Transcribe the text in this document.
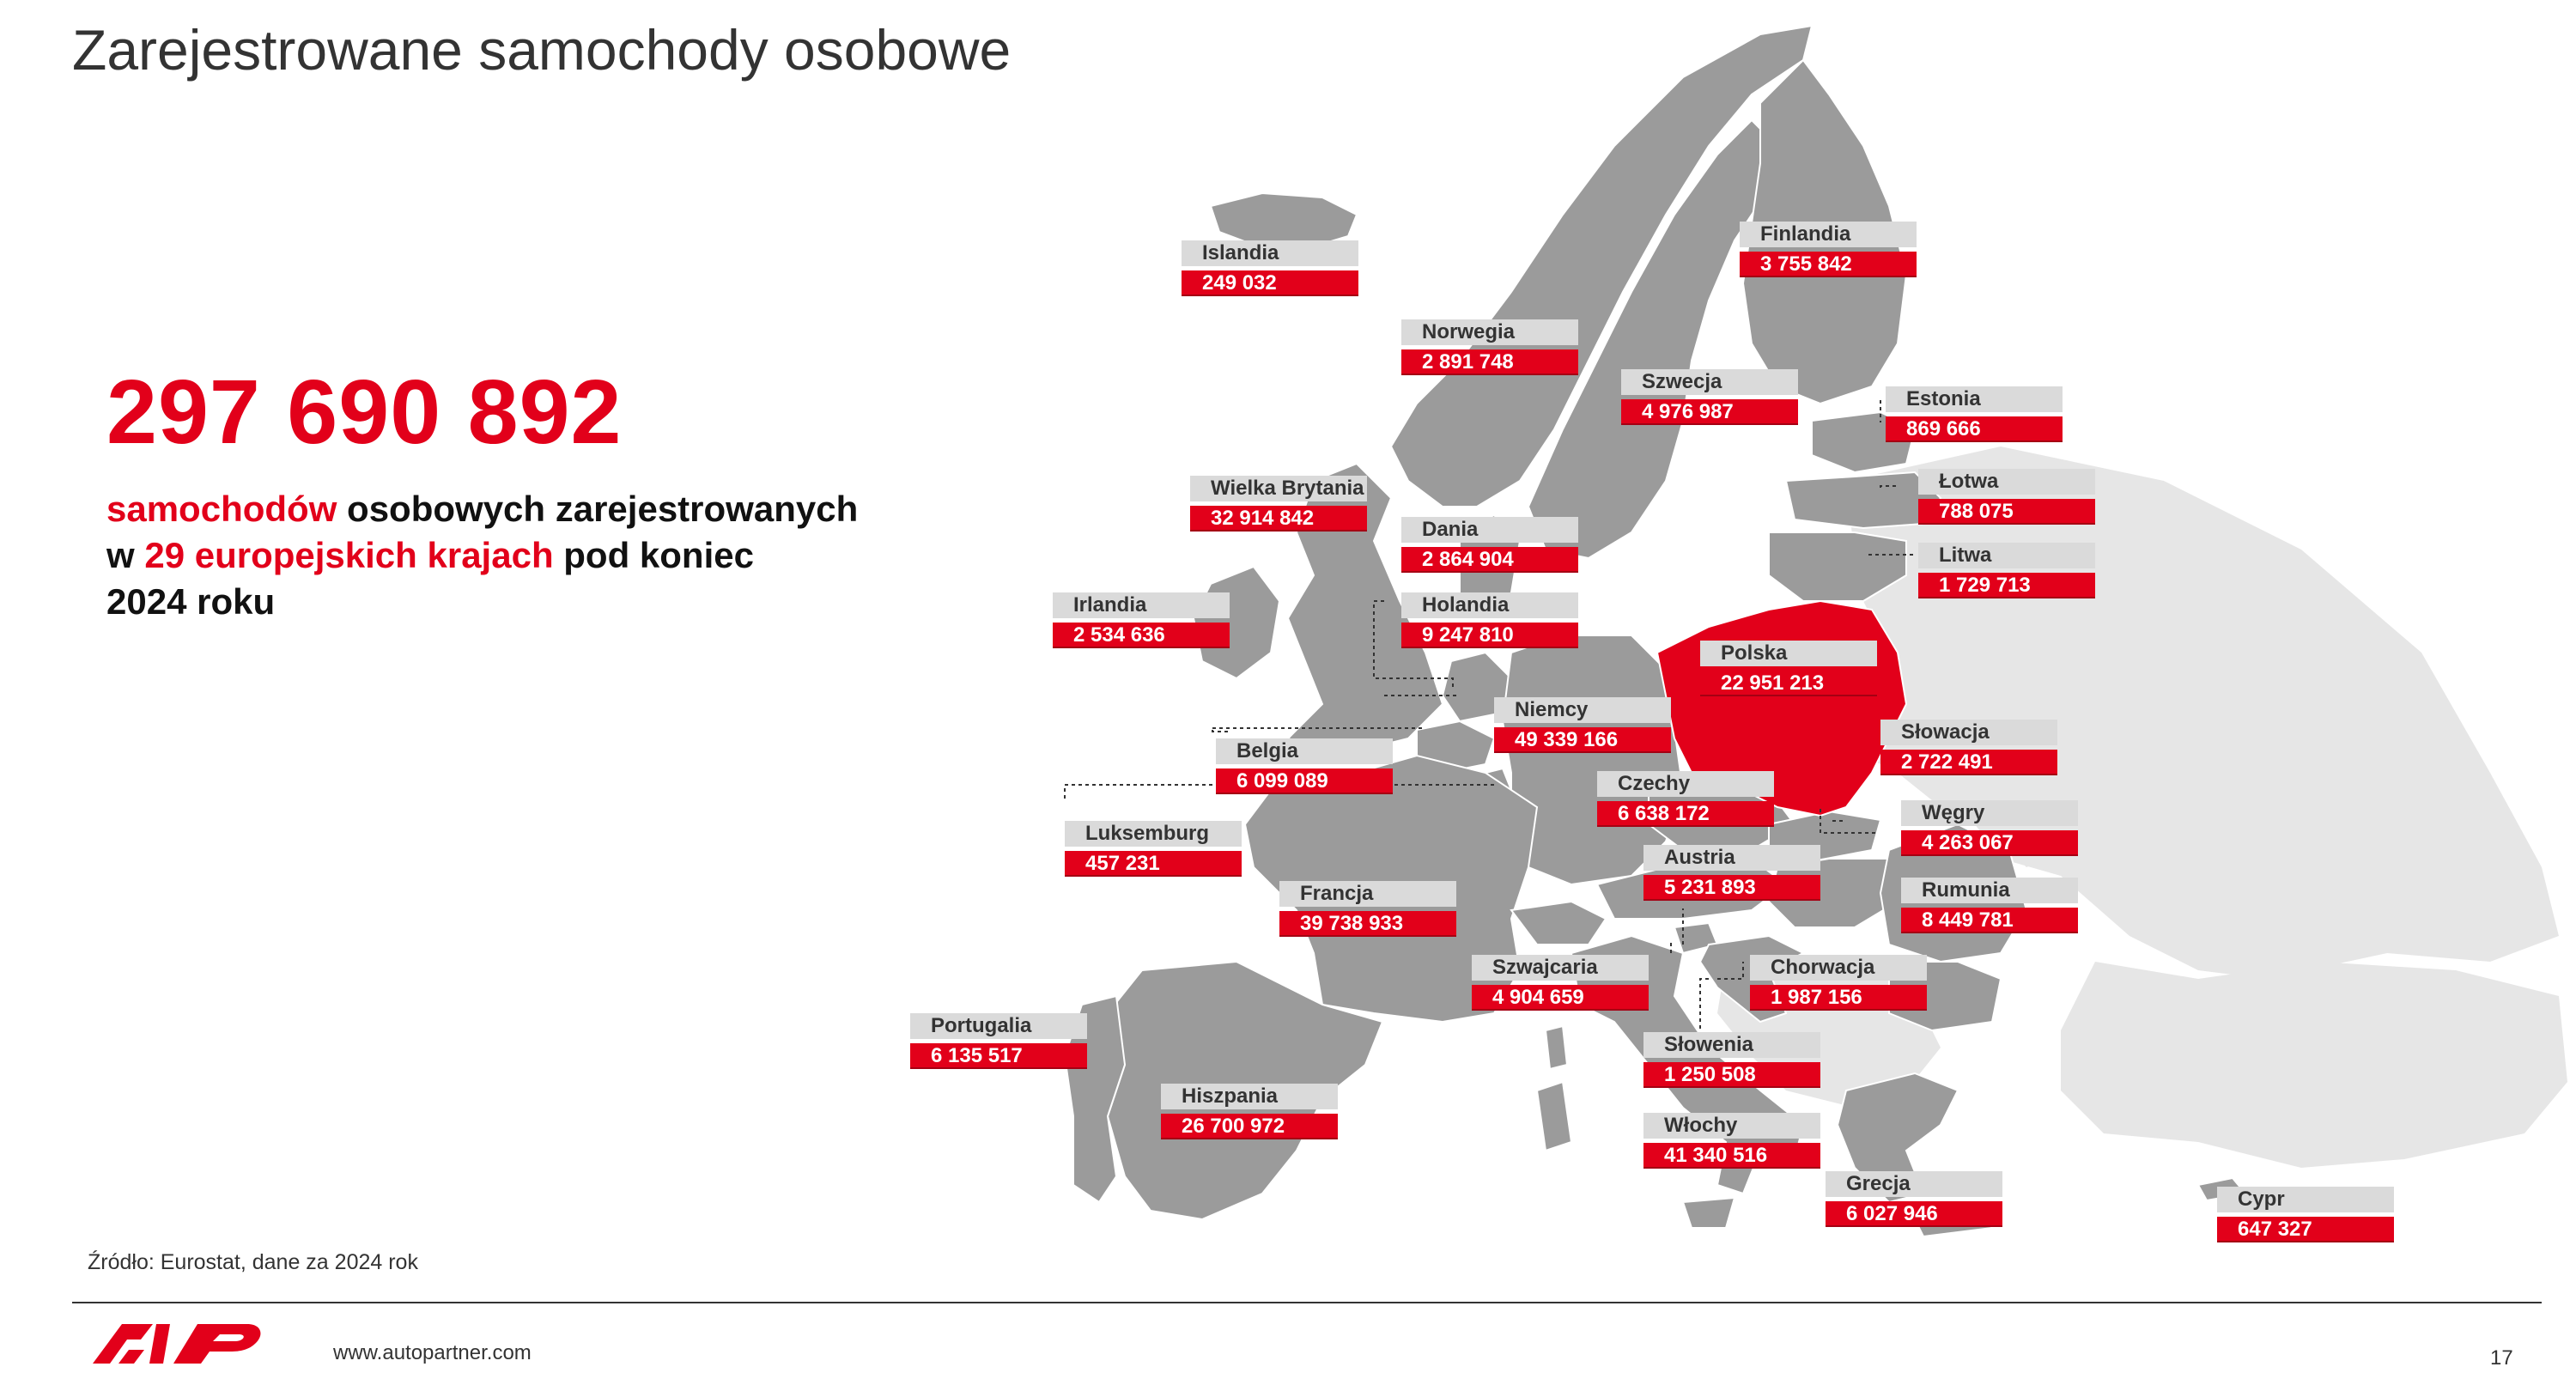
Zarejestrowane samochody osobowe
297 690 892
samochodów osobowych zarejestrowanych
w 29 europejskich krajach pod koniec
2024 roku
Islandia
249 032
Finlandia
3 755 842
Norwegia
2 891 748
Szwecja
4 976 987
Estonia
869 666
Wielka Brytania
32 914 842
Łotwa
788 075
Dania
2 864 904	Litwa
1 729 713
Irlandia
2 534 636
Holandia
9 247 810
Polska
22 951 213
Niemcy
49 339 166	Słowacja
2 722 491
Belgia
6 099 089	Czechy
6 638 172	Węgry
4 263 067
Luksemburg
457 231	Austria
5 231 893	Rumunia
8 449 781
Francja
39 738 933
Szwajcaria
4 904 659
Chorwacja
1 987 156
Portugalia
6 135 517	Słowenia
1 250 508
Hiszpania
26 700 972	Włochy
41 340 516
Grecja
6 027 946
Cypr
647 327
Źródło: Eurostat, dane za 2024 rok
www.autopartner.com	17
